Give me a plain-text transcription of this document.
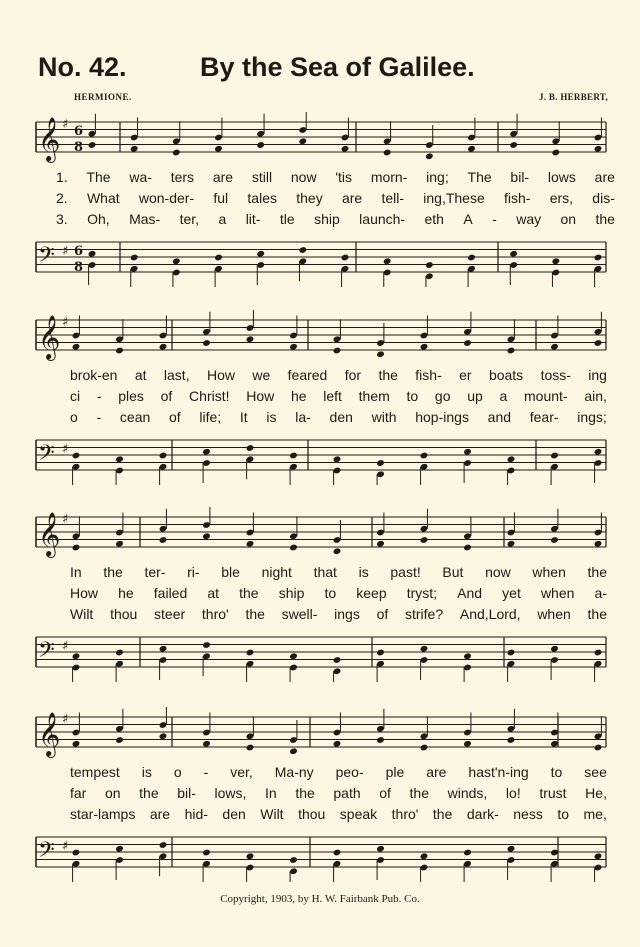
No. 42.	By the Sea of Galilee.
HERMIONE.	J. B. HERBERT,
𝄞 ♯ 6
8
𝄢 ♯ 6
8
1. The wa- ters are still now 'tis morn- ing; The bil- lows are
2. What won-der- ful tales they are tell- ing,These fish- ers, dis-
3. Oh, Mas- ter, a lit- tle ship launch- eth A - way on the
𝄞 ♯
𝄢 ♯
brok-en at last, How we feared for the fish- er boats toss- ing
ci - ples of Christ! How he left them to go up a mount- ain,
o - cean of life; It is la- den with hop-ings and fear- ings;
𝄞 ♯
𝄢 ♯
In the ter- ri- ble night that is past! But now when the
How he failed at the ship to keep tryst; And yet when a-
Wilt thou steer thro' the swell- ings of strife? And,Lord, when the
𝄞 ♯
𝄢 ♯
tempest is o - ver, Ma-ny peo- ple are hast'n-ing to see
far on the bil- lows, In the path of the winds, lo! trust He,
star-lamps are hid- den Wilt thou speak thro' the dark- ness to me,
Copyright, 1903, by H. W. Fairbank Pub. Co.
